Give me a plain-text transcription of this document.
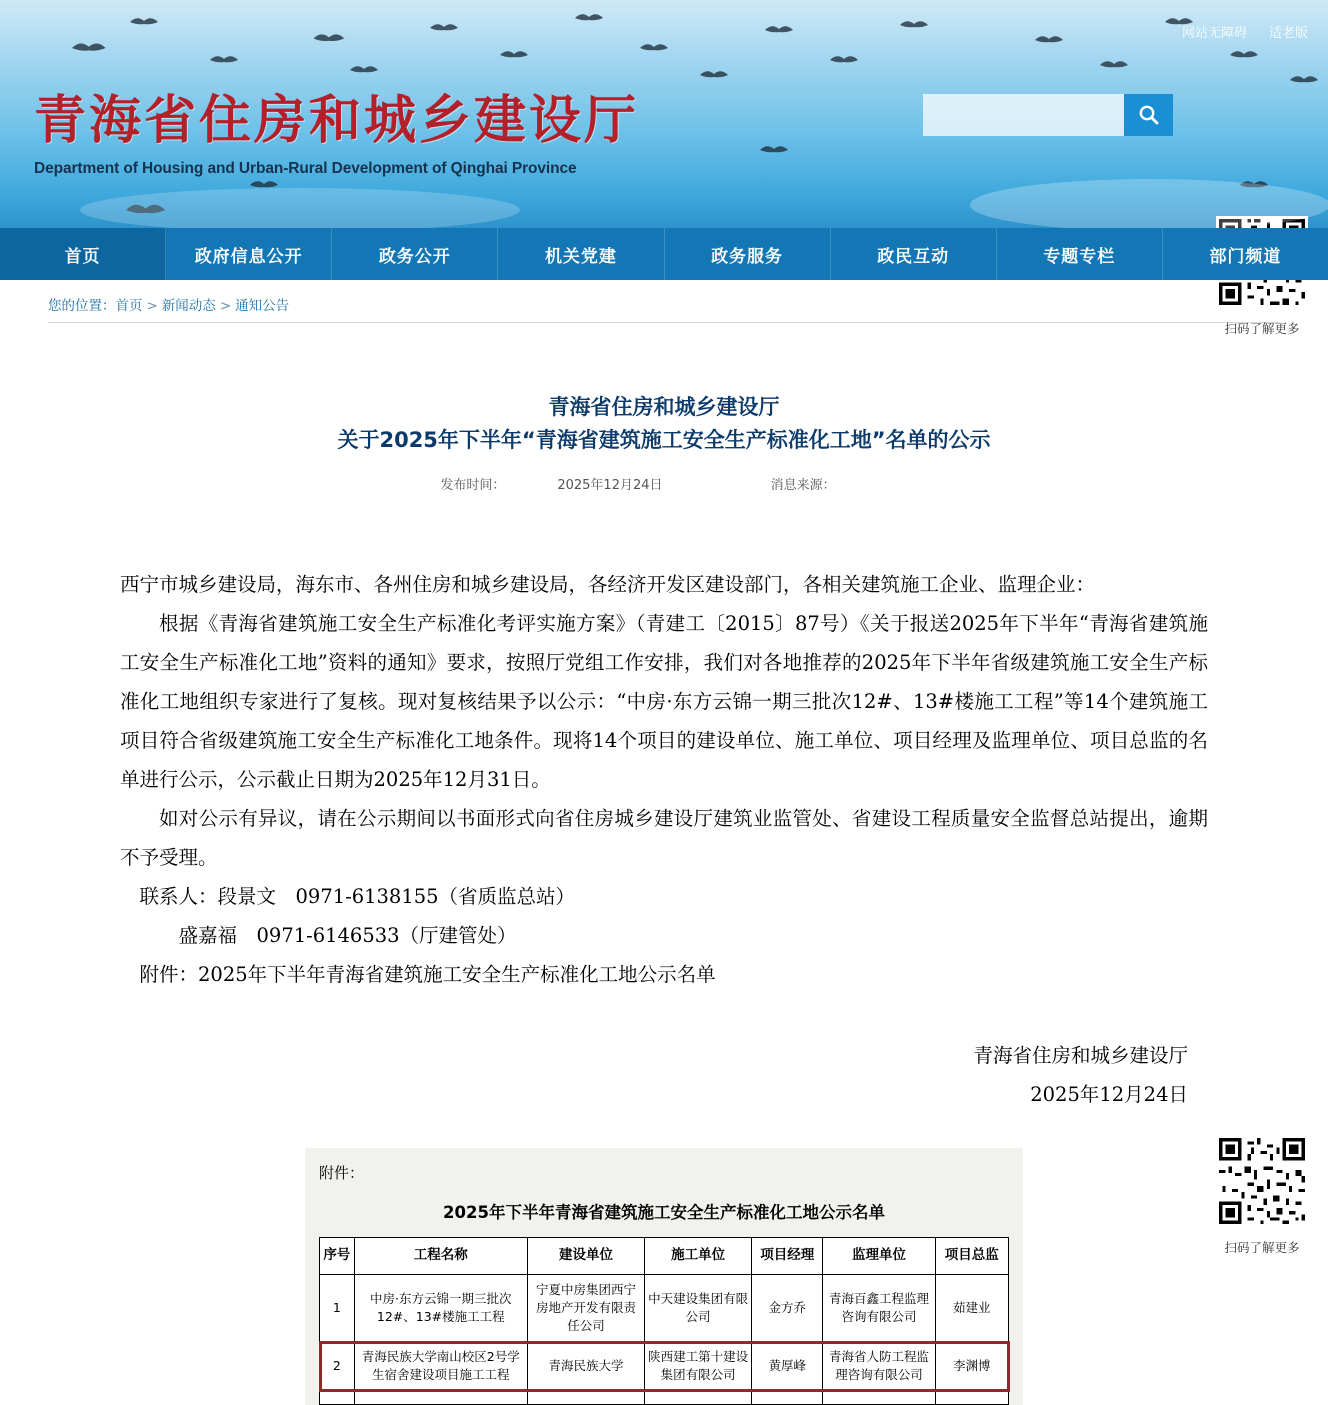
网站无障碍 适老版
青海省住房和城乡建设厅
Department of Housing and Urban-Rural Development of Qinghai Province
首页	政府信息公开	政务公开	机关党建	政务服务	政民互动	专题专栏	部门频道
您的位置：首页 > 新闻动态 > 通知公告
扫码了解更多
青海省住房和城乡建设厅
关于2025年下半年“青海省建筑施工安全生产标准化工地”名单的公示
发布时间：	2025年12月24日	消息来源：

西宁市城乡建设局，海东市、各州住房和城乡建设局，各经济开发区建设部门，各相关建筑施工企业、监理企业：

根据《青海省建筑施工安全生产标准化考评实施方案》（青建工〔2015〕87号）《关于报送2025年下半年“青海省建筑施工安全生产标准化工地”资料的通知》要求，按照厅党组工作安排，我们对各地推荐的2025年下半年省级建筑施工安全生产标准化工地组织专家进行了复核。现对复核结果予以公示：“中房·东方云锦一期三批次12#、13#楼施工工程”等14个建筑施工项目符合省级建筑施工安全生产标准化工地条件。现将14个项目的建设单位、施工单位、项目经理及监理单位、项目总监的名单进行公示，公示截止日期为2025年12月31日。

如对公示有异议，请在公示期间以书面形式向省住房城乡建设厅建筑业监管处、省建设工程质量安全监督总站提出，逾期不予受理。

联系人：段景文　0971-6138155（省质监总站）

盛嘉福　0971-6146533（厅建管处）

附件：2025年下半年青海省建筑施工安全生产标准化工地公示名单

青海省住房和城乡建设厅
2025年12月24日
附件：
2025年下半年青海省建筑施工安全生产标准化工地公示名单
序号	工程名称	建设单位	施工单位	项目经理	监理单位	项目总监
1	中房·东方云锦一期三批次12#、13#楼施工工程	宁夏中房集团西宁房地产开发有限责任公司	中天建设集团有限公司	金方乔	青海百鑫工程监理咨询有限公司	茹建业
2	青海民族大学南山校区2号学生宿舍建设项目施工工程	青海民族大学	陕西建工第十建设集团有限公司	黄厚峰	青海省人防工程监理咨询有限公司	李渊博

扫码了解更多
